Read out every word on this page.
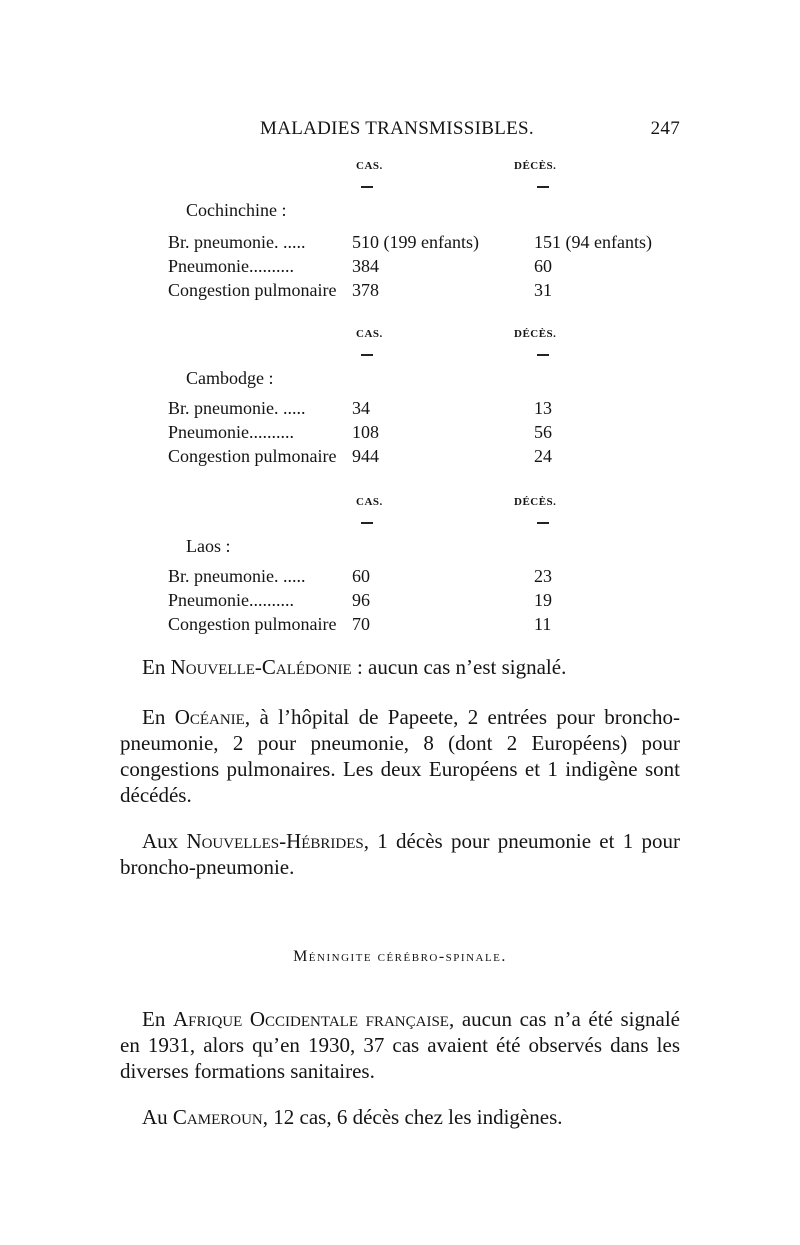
MALADIES TRANSMISSIBLES.	247
CAS.	DÉCÈS.
Cochinchine :
Br. pneumonie. .....	510 (199 enfants)	151 (94 enfants)
Pneumonie..........	384	60
Congestion pulmonaire 378	31
CAS.	DÉCÈS.
Cambodge :
Br. pneumonie. .....	34	13
Pneumonie..........	108	56
Congestion pulmonaire 944	24
CAS.	DÉCÈS.
Laos :
Br. pneumonie. .....	60	23
Pneumonie..........	96	19
Congestion pulmonaire 70	11

En Nouvelle-Calédonie : aucun cas n’est signalé.

En Océanie, à l’hôpital de Papeete, 2 entrées pour broncho-pneumonie, 2 pour pneumonie, 8 (dont 2 Européens) pour congestions pulmonaires. Les deux Européens et 1 indigène sont décédés.

Aux Nouvelles-Hébrides, 1 décès pour pneumonie et 1 pour broncho-pneumonie.

Méningite cérébro-spinale.

En Afrique Occidentale française, aucun cas n’a été signalé en 1931, alors qu’en 1930, 37 cas avaient été observés dans les diverses formations sanitaires.

Au Cameroun, 12 cas, 6 décès chez les indigènes.
